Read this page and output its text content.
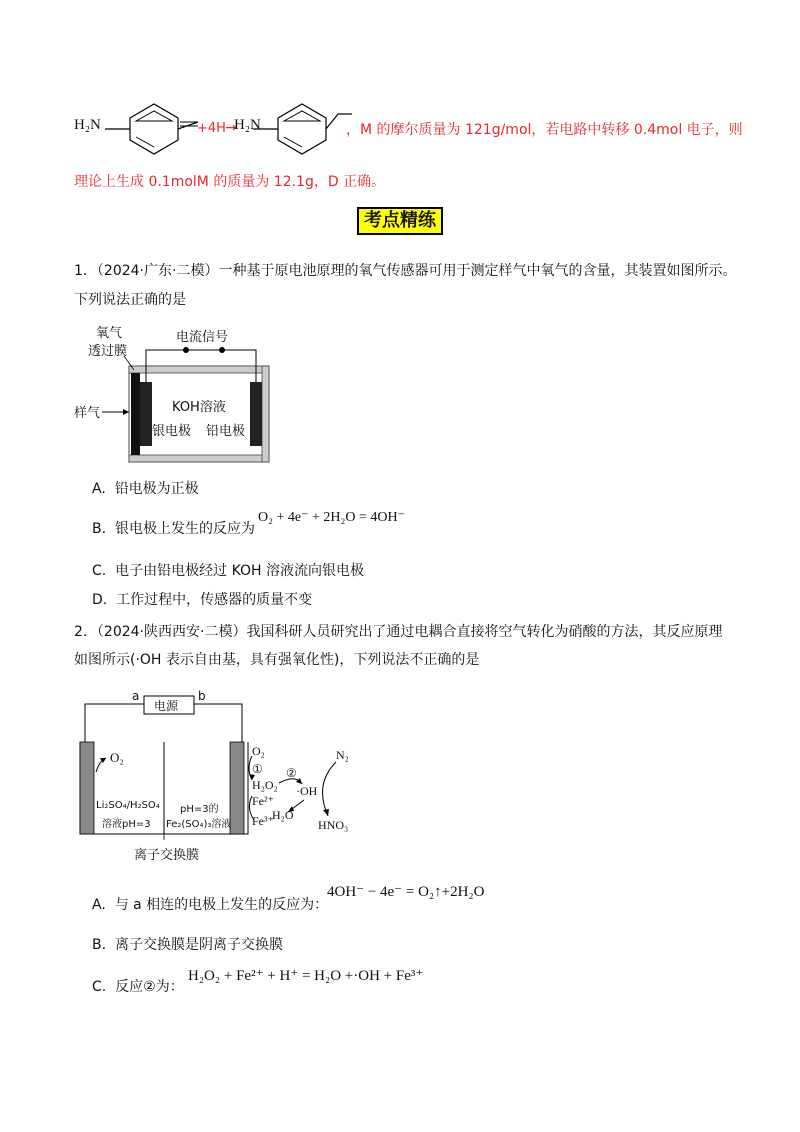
H₂N	+4H →
H₂N	，M 的摩尔质量为 121g/mol，若电路中转移 0.4mol 电子，则
理论上生成 0.1molM 的质量为 12.1g，D 正确。
考点精练
1．（2024·广东·二模）一种基于原电池原理的氧气传感器可用于测定样气中氧气的含量，其装置如图所示。
下列说法正确的是
氧气
透过膜
电流信号
KOH溶液
样气
银电极 铅电极
A. 铅电极为正极
B. 银电极上发生的反应为
O₂ + 4e⁻ + 2H₂O = 4OH⁻
C. 电子由铅电极经过 KOH 溶液流向银电极
D. 工作过程中，传感器的质量不变
2．（2024·陕西西安·二模）我国科研人员研究出了通过电耦合直接将空气转化为硝酸的方法，其反应原理
如图所示(·OH 表示自由基，具有强氧化性)，下列说法不正确的是
a	b
电源
O₂
Li₂SO₄/H₂SO₄
溶液pH=3
pH=3的
Fe₂(SO₄)₃溶液
O₂
① ②
H₂O₂ ·OH
Fe²⁺
Fe³⁺
H₂O
N₂
HNO₃
离子交换膜
A. 与 a 相连的电极上发生的反应为：
4OH⁻ − 4e⁻ = O₂↑+2H₂O
B. 离子交换膜是阴离子交换膜
C. 反应②为：
H₂O₂ + Fe²⁺ + H⁺ = H₂O +·OH + Fe³⁺
